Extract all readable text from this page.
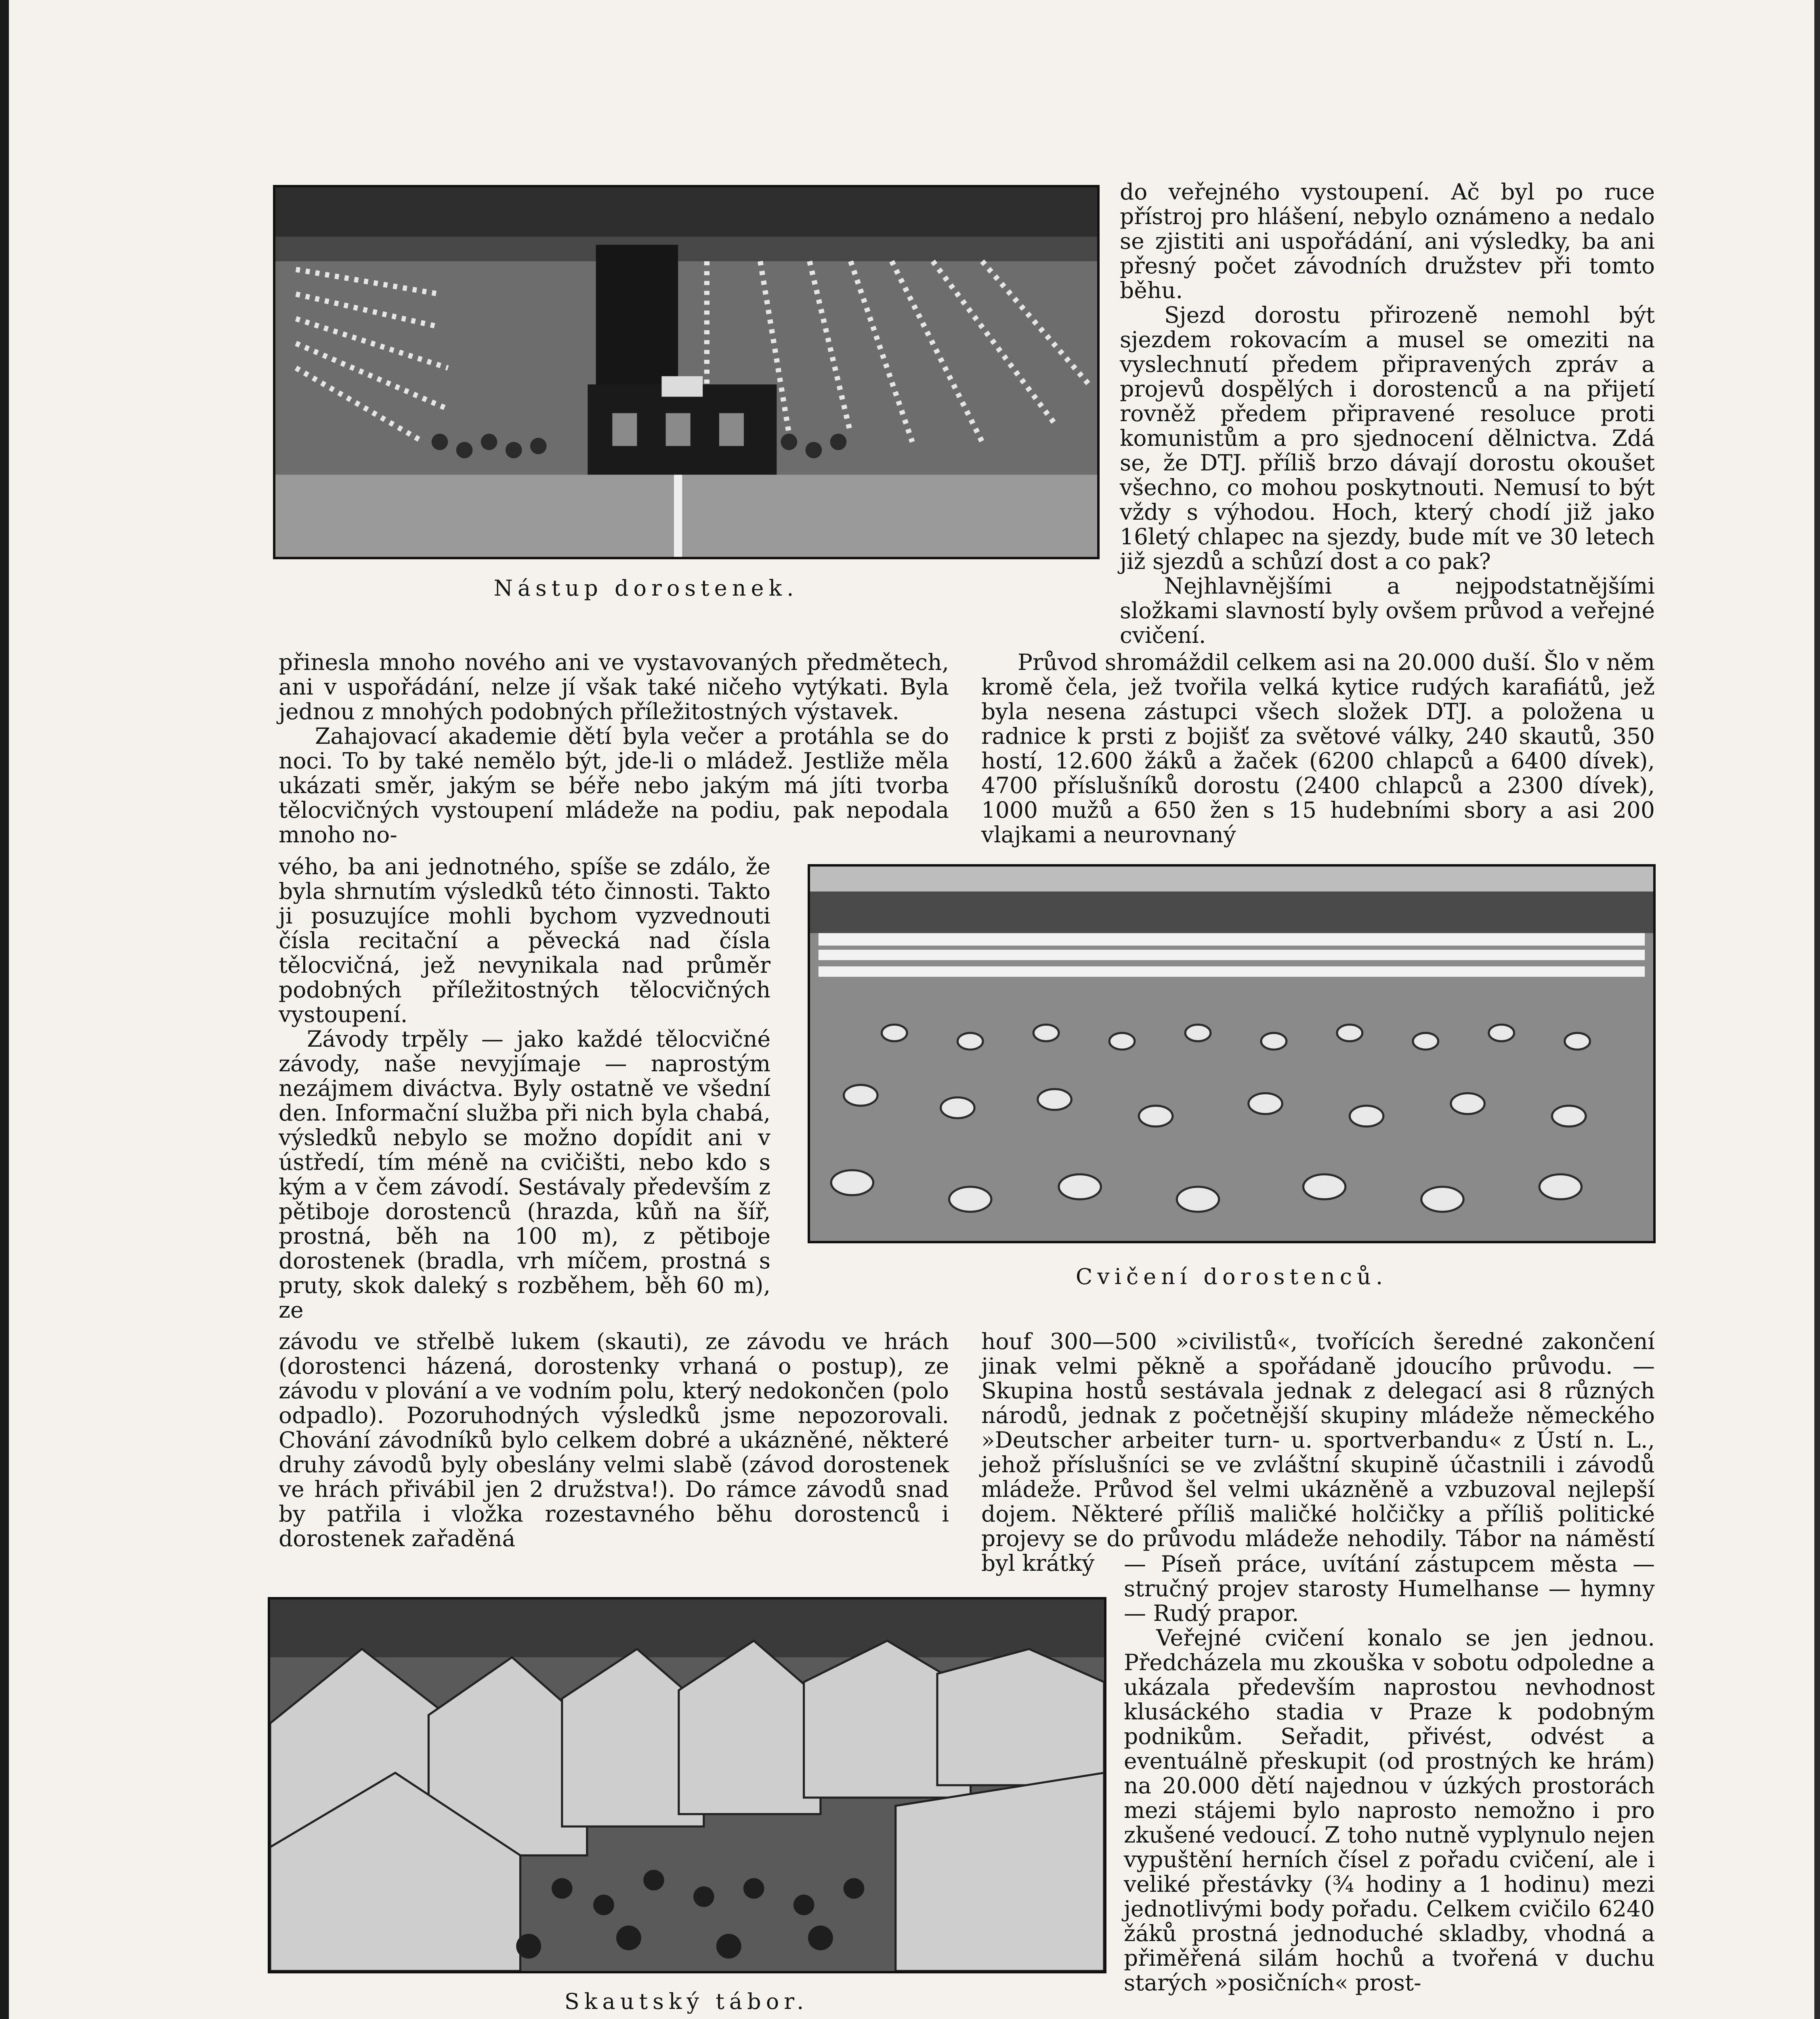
Nástup dorostenek.

do veřejného vystoupení. Ač byl po ruce přístroj pro hlášení, nebylo oznámeno a nedalo se zjistiti ani uspořádání, ani výsledky, ba ani přesný počet závodních družstev při tomto běhu.

Sjezd dorostu přirozeně nemohl být sjezdem rokovacím a musel se omeziti na vyslechnutí předem připravených zpráv a projevů dospělých i dorostenců a na přijetí rovněž předem připravené resoluce proti komunistům a pro sjednocení dělnictva. Zdá se, že DTJ. příliš brzo dávají dorostu okoušet všechno, co mohou poskytnouti. Nemusí to být vždy s výhodou. Hoch, který chodí již jako 16letý chlapec na sjezdy, bude mít ve 30 letech již sjezdů a schůzí dost a co pak?

Nejhlavnějšími a nejpodstatnějšími složkami slavností byly ovšem průvod a veřejné cvičení.

přinesla mnoho nového ani ve vystavovaných předmětech, ani v uspořádání, nelze jí však také ničeho vytýkati. Byla jednou z mnohých podobných příležitostných výstavek.

Zahajovací akademie dětí byla večer a protáhla se do noci. To by také nemělo být, jde-li o mládež. Jestliže měla ukázati směr, jakým se béře nebo jakým má jíti tvorba tělocvičných vystoupení mládeže na podiu, pak nepodala mnoho no-

Průvod shromáždil celkem asi na 20.000 duší. Šlo v něm kromě čela, jež tvořila velká kytice rudých karafiátů, jež byla nesena zástupci všech složek DTJ. a položena u radnice k prsti z bojišť za světové války, 240 skautů, 350 hostí, 12.600 žáků a žaček (6200 chlapců a 6400 dívek), 4700 příslušníků dorostu (2400 chlapců a 2300 dívek), 1000 mužů a 650 žen s 15 hudebními sbory a asi 200 vlajkami a neurovnaný

Cvičení dorostenců.

vého, ba ani jednotného, spíše se zdálo, že byla shrnutím výsledků této činnosti. Takto ji posuzujíce mohli bychom vyzvednouti čísla recitační a pěvecká nad čísla tělocvičná, jež nevynikala nad průměr podobných příležitostných tělocvičných vystoupení.

Závody trpěly — jako každé tělocvičné závody, naše nevyjímaje — naprostým nezájmem diváctva. Byly ostatně ve všední den. Informační služba při nich byla chabá, výsledků nebylo se možno dopídit ani v ústředí, tím méně na cvičišti, nebo kdo s kým a v čem závodí. Sestávaly především z pětiboje dorostenců (hrazda, kůň na šíř, prostná, běh na 100 m), z pětiboje dorostenek (bradla, vrh míčem, prostná s pruty, skok daleký s rozběhem, běh 60 m), ze

závodu ve střelbě lukem (skauti), ze závodu ve hrách (dorostenci házená, dorostenky vrhaná o postup), ze závodu v plování a ve vodním polu, který nedokončen (polo odpadlo). Pozoruhodných výsledků jsme nepozorovali. Chování závodníků bylo celkem dobré a ukázněné, některé druhy závodů byly obeslány velmi slabě (závod dorostenek ve hrách přivábil jen 2 družstva!). Do rámce závodů snad by patřila i vložka rozestavného běhu dorostenců i dorostenek zařaděná

houf 300—500 »civilistů«, tvořících šeredné zakončení jinak velmi pěkně a spořádaně jdoucího průvodu. — Skupina hostů sestávala jednak z delegací asi 8 různých národů, jednak z početnější skupiny mládeže německého »Deutscher arbeiter turn- u. sportverbandu« z Ústí n. L., jehož příslušníci se ve zvláštní skupině účastnili i závodů mládeže. Průvod šel velmi ukázněně a vzbuzoval nejlepší dojem. Některé příliš maličké holčičky a příliš politické projevy se do průvodu mládeže nehodily. Tábor na náměstí byl krátký

Skautský tábor.

— Píseň práce, uvítání zástupcem města — stručný projev starosty Humelhanse — hymny — Rudý prapor.

Veřejné cvičení konalo se jen jednou. Předcházela mu zkouška v sobotu odpoledne a ukázala především naprostou nevhodnost klusáckého stadia v Praze k podobným podnikům. Seřadit, přivést, odvést a eventuálně přeskupit (od prostných ke hrám) na 20.000 dětí najednou v úzkých prostorách mezi stájemi bylo naprosto nemožno i pro zkušené vedoucí. Z toho nutně vyplynulo nejen vypuštění herních čísel z pořadu cvičení, ale i veliké přestávky (¾ hodiny a 1 hodinu) mezi jednotlivými body pořadu. Celkem cvičilo 6240 žáků prostná jednoduché skladby, vhodná a přiměřená silám hochů a tvořená v duchu starých »posičních« prost-
